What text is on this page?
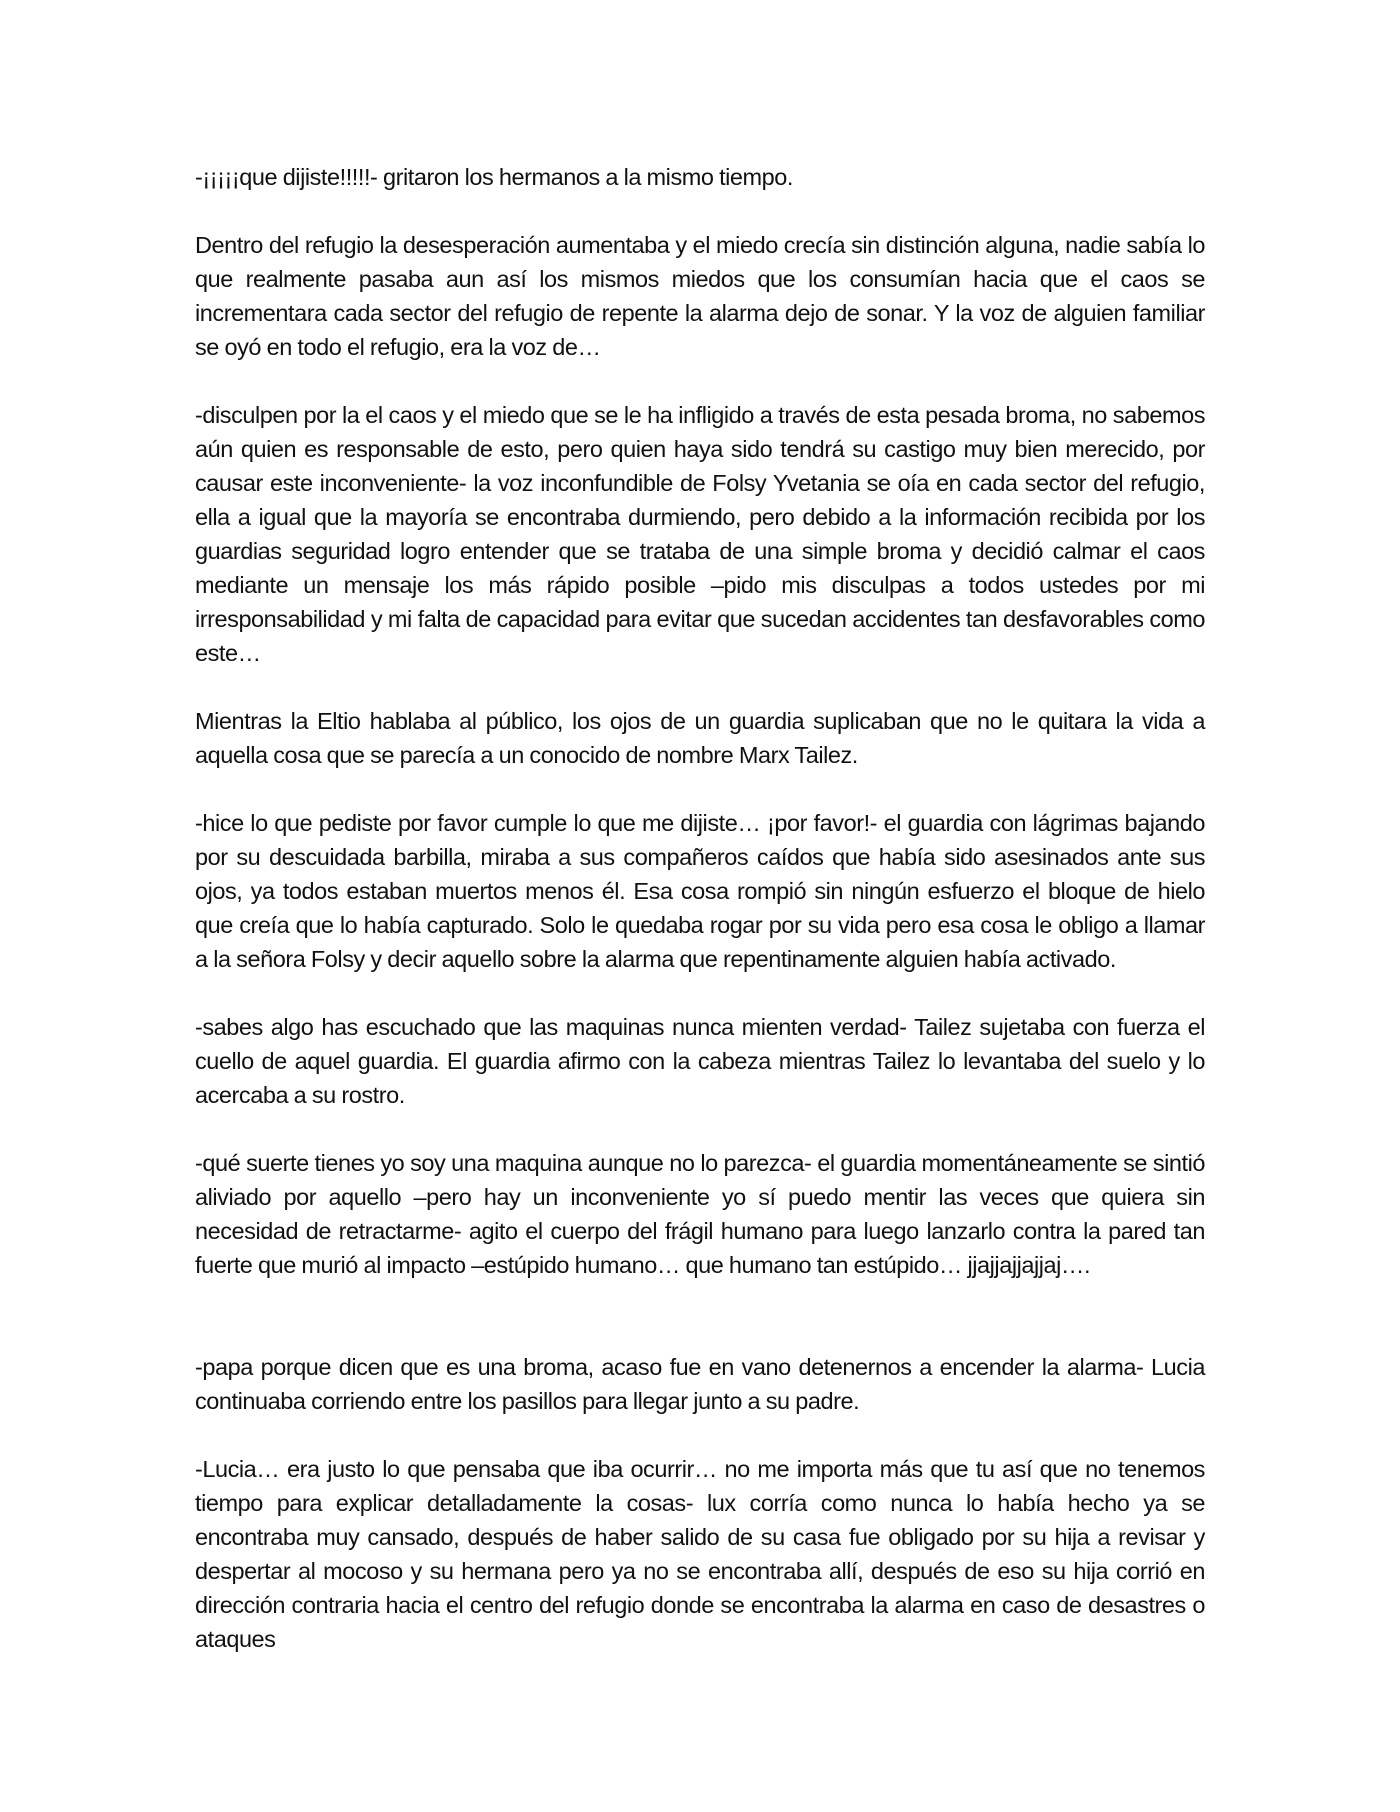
-¡¡¡¡¡que dijiste!!!!!- gritaron los hermanos a la mismo tiempo.

Dentro del refugio la desesperación aumentaba y el miedo crecía sin distinción alguna, nadie sabía lo que realmente pasaba aun así los mismos miedos que los consumían hacia que el caos se incrementara cada sector del refugio de repente la alarma dejo de sonar. Y la voz de alguien familiar se oyó en todo el refugio, era la voz de…

-disculpen por la el caos y el miedo que se le ha infligido a través de esta pesada broma, no sabemos aún quien es responsable de esto, pero quien haya sido tendrá su castigo muy bien merecido, por causar este inconveniente- la voz inconfundible de Folsy Yvetania se oía en cada sector del refugio, ella a igual que la mayoría se encontraba durmiendo, pero debido a la información recibida por los guardias seguridad logro entender que se trataba de una simple broma y decidió calmar el caos mediante un mensaje los más rápido posible –pido mis disculpas a todos ustedes por mi irresponsabilidad y mi falta de capacidad para evitar que sucedan accidentes tan desfavorables como este…

Mientras la Eltio hablaba al público, los ojos de un guardia suplicaban que no le quitara la vida a aquella cosa que se parecía a un conocido de nombre Marx Tailez.

-hice lo que pediste por favor cumple lo que me dijiste… ¡por favor!- el guardia con lágrimas bajando por su descuidada barbilla, miraba a sus compañeros caídos que había sido asesinados ante sus ojos, ya todos estaban muertos menos él. Esa cosa rompió sin ningún esfuerzo el bloque de hielo que creía que lo había capturado. Solo le quedaba rogar por su vida pero esa cosa le obligo a llamar a la señora Folsy y decir aquello sobre la alarma que repentinamente alguien había activado.

-sabes algo has escuchado que las maquinas nunca mienten verdad- Tailez sujetaba con fuerza el cuello de aquel guardia. El guardia afirmo con la cabeza mientras Tailez lo levantaba del suelo y lo acercaba a su rostro.

-qué suerte tienes yo soy una maquina aunque no lo parezca- el guardia momentáneamente se sintió aliviado por aquello –pero hay un inconveniente yo sí puedo mentir las veces que quiera sin necesidad de retractarme- agito el cuerpo del frágil humano para luego lanzarlo contra la pared tan fuerte que murió al impacto –estúpido humano… que humano tan estúpido… jjajjajjajjaj….

-papa porque dicen que es una broma, acaso fue en vano detenernos a encender la alarma- Lucia continuaba corriendo entre los pasillos para llegar junto a su padre.

-Lucia… era justo lo que pensaba que iba ocurrir… no me importa más que tu así que no tenemos tiempo para explicar detalladamente la cosas- lux corría como nunca lo había hecho ya se encontraba muy cansado, después de haber salido de su casa fue obligado por su hija a revisar y despertar al mocoso y su hermana pero ya no se encontraba allí, después de eso su hija corrió en dirección contraria hacia el centro del refugio donde se encontraba la alarma en caso de desastres o ataques
